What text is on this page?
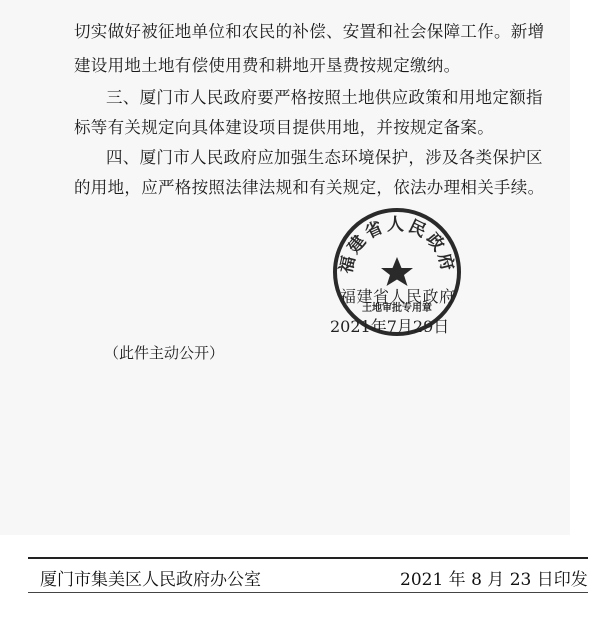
切实做好被征地单位和农民的补偿、安置和社会保障工作。新增
建设用地土地有偿使用费和耕地开垦费按规定缴纳。
三、厦门市人民政府要严格按照土地供应政策和用地定额指
标等有关规定向具体建设项目提供用地，并按规定备案。
四、厦门市人民政府应加强生态环境保护，涉及各类保护区
的用地，应严格按照法律法规和有关规定，依法办理相关手续。
福建省人民政府
土地审批专用章
福建省人民政府
2021年7月29日
（此件主动公开）
厦门市集美区人民政府办公室	2021 年 8 月 23 日印发
